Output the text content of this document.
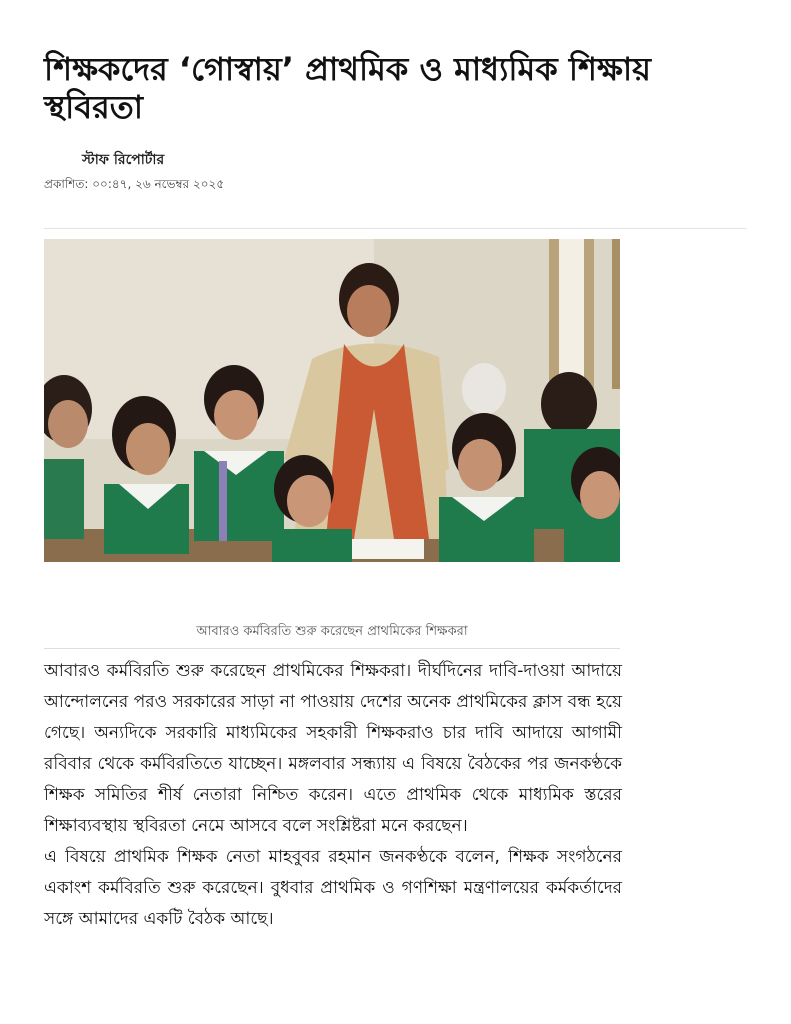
শিক্ষকদের ‘গোস্বায়’ প্রাথমিক ও মাধ্যমিক শিক্ষায় স্থবিরতা
স্টাফ রিপোর্টার
প্রকাশিত: ০০:৪৭, ২৬ নভেম্বর ২০২৫
আবারও কর্মবিরতি শুরু করেছেন প্রাথমিকের শিক্ষকরা

আবারও কর্মবিরতি শুরু করেছেন প্রাথমিকের শিক্ষকরা। দীর্ঘদিনের দাবি-দাওয়া আদায়ে আন্দোলনের পরও সরকারের সাড়া না পাওয়ায় দেশের অনেক প্রাথমিকের ক্লাস বন্ধ হয়ে গেছে। অন্যদিকে সরকারি মাধ্যমিকের সহকারী শিক্ষকরাও চার দাবি আদায়ে আগামী রবিবার থেকে কর্মবিরতিতে যাচ্ছেন। মঙ্গলবার সন্ধ্যায় এ বিষয়ে বৈঠকের পর জনকণ্ঠকে শিক্ষক সমিতির শীর্ষ নেতারা নিশ্চিত করেন। এতে প্রাথমিক থেকে মাধ্যমিক স্তরের শিক্ষাব্যবস্থায় স্থবিরতা নেমে আসবে বলে সংশ্লিষ্টরা মনে করছেন।

এ বিষয়ে প্রাথমিক শিক্ষক নেতা মাহবুবর রহমান জনকণ্ঠকে বলেন, শিক্ষক সংগঠনের একাংশ কর্মবিরতি শুরু করেছেন। বুধবার প্রাথমিক ও গণশিক্ষা মন্ত্রণালয়ের কর্মকর্তাদের সঙ্গে আমাদের একটি বৈঠক আছে।
